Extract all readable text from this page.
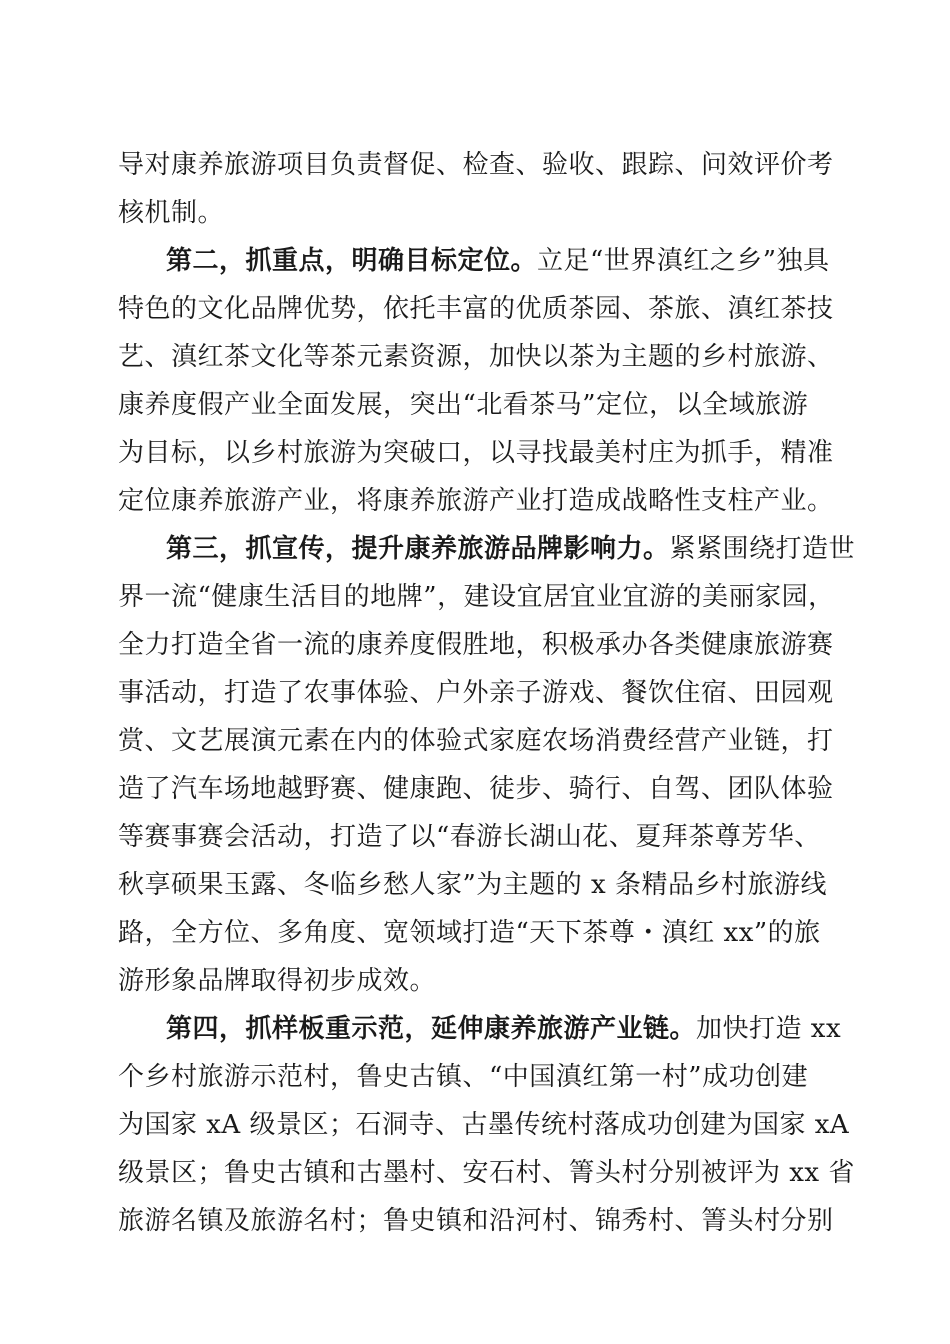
导对康养旅游项目负责督促、检查、验收、跟踪、问效评价考
核机制。
第二，抓重点，明确目标定位。立足“世界滇红之乡”独具
特色的文化品牌优势，依托丰富的优质茶园、茶旅、滇红茶技
艺、滇红茶文化等茶元素资源，加快以茶为主题的乡村旅游、
康养度假产业全面发展，突出“北看茶马”定位，以全域旅游
为目标，以乡村旅游为突破口，以寻找最美村庄为抓手，精准
定位康养旅游产业，将康养旅游产业打造成战略性支柱产业。
第三，抓宣传，提升康养旅游品牌影响力。紧紧围绕打造世
界一流“健康生活目的地牌”，建设宜居宜业宜游的美丽家园，
全力打造全省一流的康养度假胜地，积极承办各类健康旅游赛
事活动，打造了农事体验、户外亲子游戏、餐饮住宿、田园观
赏、文艺展演元素在内的体验式家庭农场消费经营产业链，打
造了汽车场地越野赛、健康跑、徒步、骑行、自驾、团队体验
等赛事赛会活动，打造了以“春游长湖山花、夏拜茶尊芳华、
秋享硕果玉露、冬临乡愁人家”为主题的 x 条精品乡村旅游线
路，全方位、多角度、宽领域打造“天下茶尊・滇红 xx”的旅
游形象品牌取得初步成效。
第四，抓样板重示范，延伸康养旅游产业链。加快打造 xx
个乡村旅游示范村，鲁史古镇、“中国滇红第一村”成功创建
为国家 xA 级景区；石洞寺、古墨传统村落成功创建为国家 xA
级景区；鲁史古镇和古墨村、安石村、箐头村分别被评为 xx 省
旅游名镇及旅游名村；鲁史镇和沿河村、锦秀村、箐头村分别
